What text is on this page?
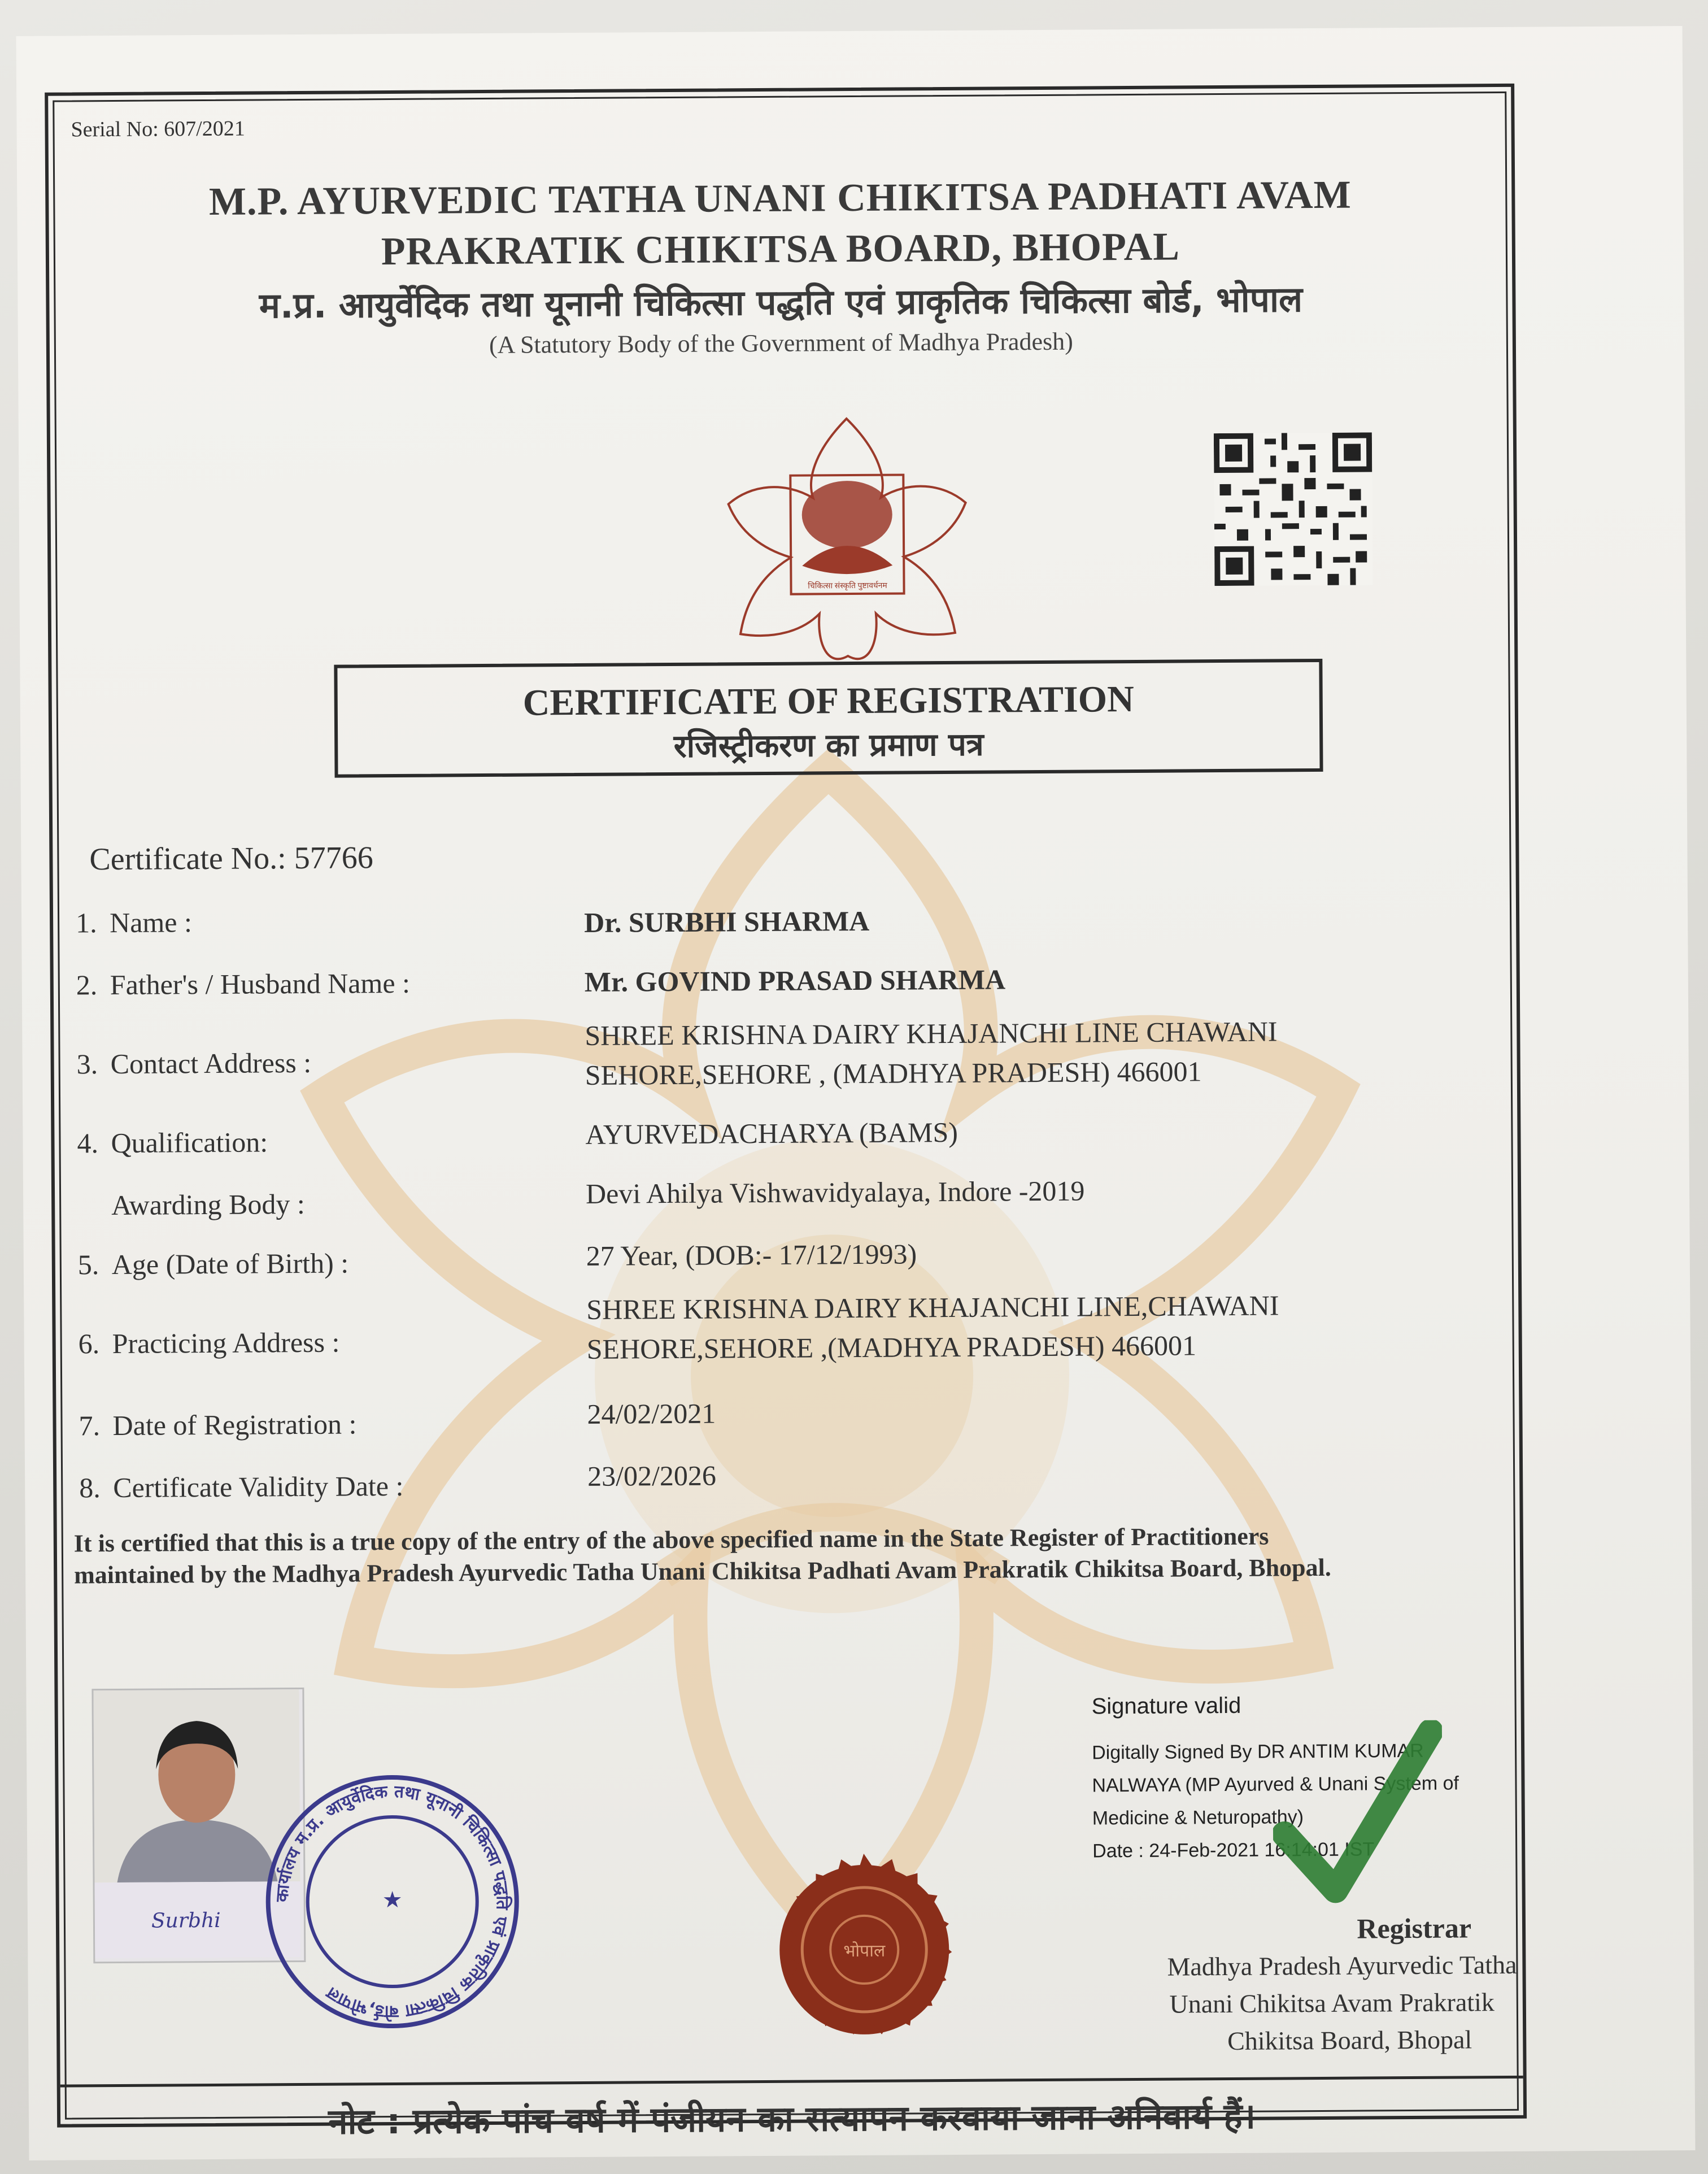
Serial No: 607/2021
M.P. AYURVEDIC TATHA UNANI CHIKITSA PADHATI AVAM
PRAKRATIK CHIKITSA BOARD, BHOPAL
म.प्र. आयुर्वेदिक तथा यूनानी चिकित्सा पद्धति एवं प्राकृतिक चिकित्सा बोर्ड, भोपाल
(A Statutory Body of the Government of Madhya Pradesh)
चिकित्सा संस्कृति पुष्टावर्धनम
CERTIFICATE OF REGISTRATION
रजिस्ट्रीकरण का प्रमाण पत्र
Certificate No.: 57766
1. Name :	Dr. SURBHI SHARMA
2. Father's / Husband Name :	Mr. GOVIND PRASAD SHARMA
3. Contact Address :
SHREE KRISHNA DAIRY KHAJANCHI LINE CHAWANI
SEHORE,SEHORE , (MADHYA PRADESH) 466001
4. Qualification:	AYURVEDACHARYA (BAMS)
Awarding Body :	Devi Ahilya Vishwavidyalaya, Indore -2019
5. Age (Date of Birth) :	27 Year, (DOB:- 17/12/1993)
6. Practicing Address :
SHREE KRISHNA DAIRY KHAJANCHI LINE,CHAWANI
SEHORE,SEHORE ,(MADHYA PRADESH) 466001
7. Date of Registration :	24/02/2021
8. Certificate Validity Date :	23/02/2026
It is certified that this is a true copy of the entry of the above specified name in the State Register of Practitioners
maintained by the Madhya Pradesh Ayurvedic Tatha Unani Chikitsa Padhati Avam Prakratik Chikitsa Board, Bhopal.
Surbhi
कार्यालय म.प्र. आयुर्वेदिक तथा यूनानी चिकित्सा पद्धति एवं प्राकृतिक चिकित्सा बोर्ड,भोपाल
★
भोपाल
Signature valid
Digitally Signed By DR ANTIM KUMAR
NALWAYA (MP Ayurved & Unani System of
Medicine & Neturopathy)
Date : 24-Feb-2021 16:14:01 IST
Registrar
Madhya Pradesh Ayurvedic Tatha
Unani Chikitsa Avam Prakratik
Chikitsa Board, Bhopal
नोट : प्रत्येक पांच वर्ष में पंजीयन का सत्यापन करवाया जाना अनिवार्य हैं।
